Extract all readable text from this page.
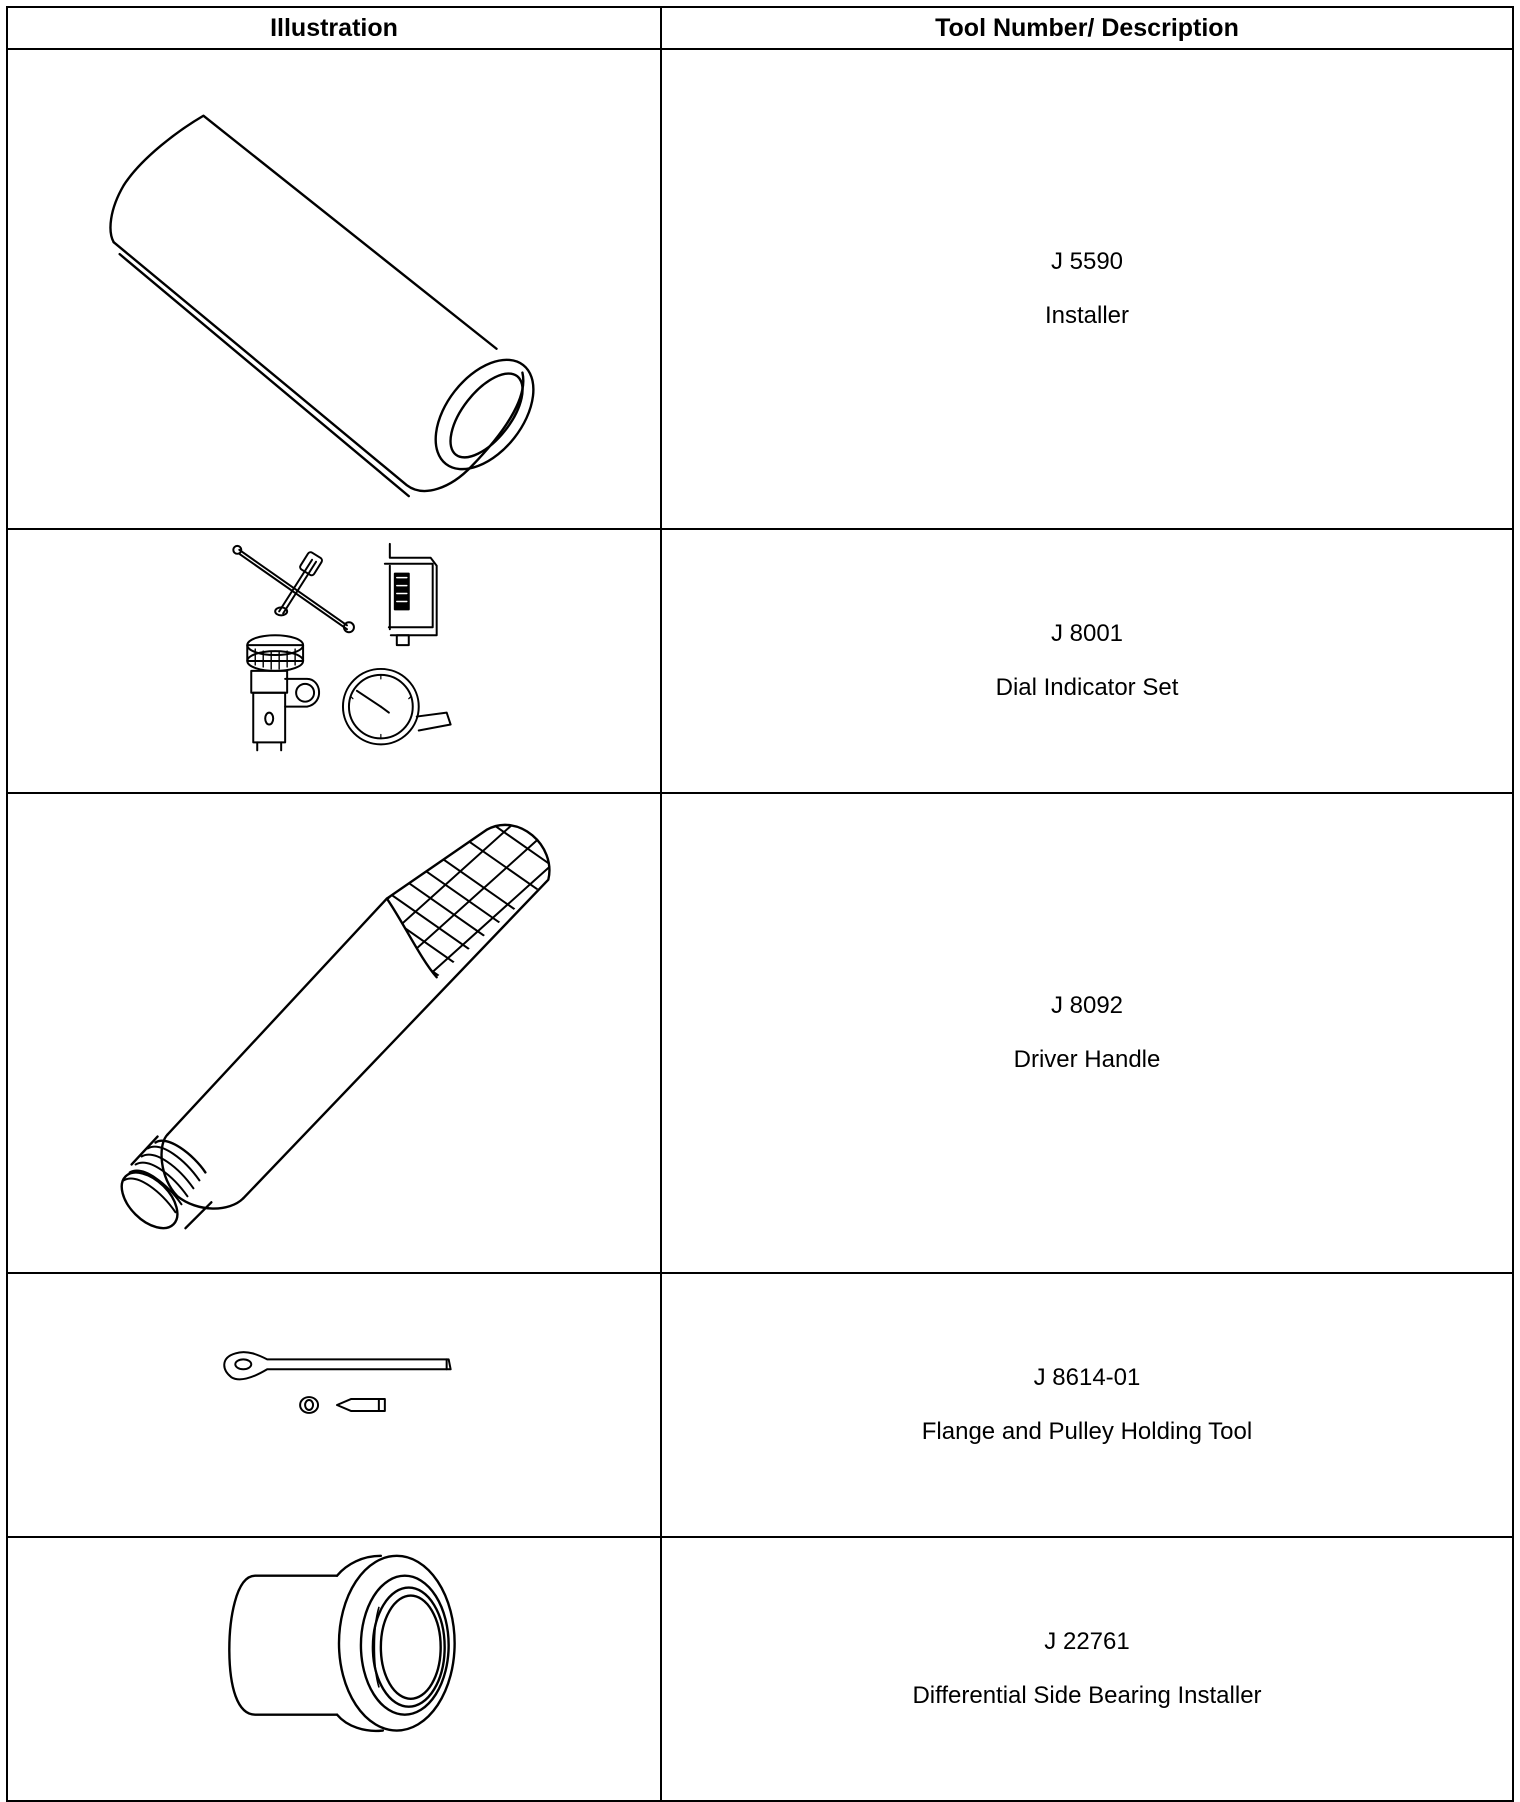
Illustration	Tool Number/ Description

J 5590
Installer

J 8001
Dial Indicator Set

J 8092
Driver Handle

J 8614-01
Flange and Pulley Holding Tool

J 22761
Differential Side Bearing Installer
